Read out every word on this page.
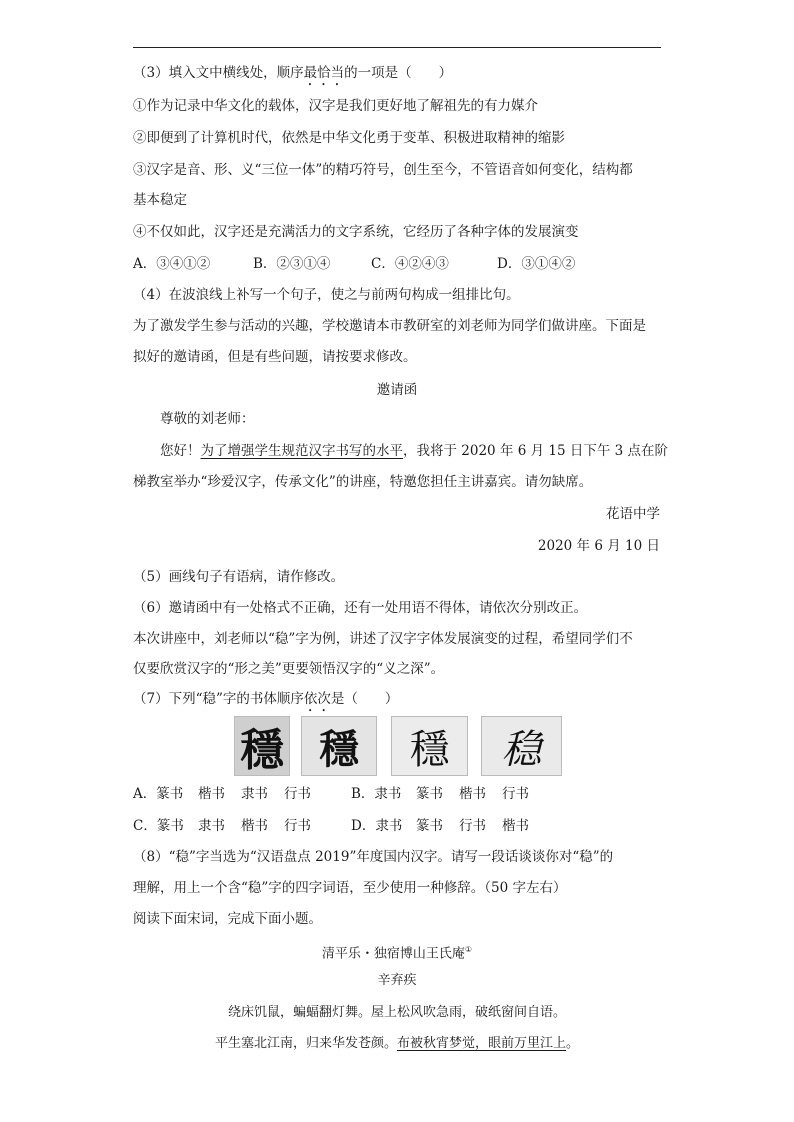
（3）填入文中横线处，顺序最恰当的一项是（　　）
①作为记录中华文化的载体，汉字是我们更好地了解祖先的有力媒介
②即便到了计算机时代，依然是中华文化勇于变革、积极进取精神的缩影
③汉字是音、形、义“三位一体”的精巧符号，创生至今，不管语音如何变化，结构都
基本稳定
④不仅如此，汉字还是充满活力的文字系统，它经历了各种字体的发展演变
A．③④①②	B．②③①④	C．④②④③	D．③①④②
（4）在波浪线上补写一个句子，使之与前两句构成一组排比句。
为了激发学生参与活动的兴趣，学校邀请本市教研室的刘老师为同学们做讲座。下面是
拟好的邀请函，但是有些问题，请按要求修改。
邀请函
尊敬的刘老师：
您好！为了增强学生规范汉字书写的水平，我将于 2020 年 6 月 15 日下午 3 点在阶
梯教室举办“珍爱汉字，传承文化”的讲座，特邀您担任主讲嘉宾。请勿缺席。
花语中学
2020 年 6 月 10 日
（5）画线句子有语病，请作修改。
（6）邀请函中有一处格式不正确，还有一处用语不得体，请依次分别改正。
本次讲座中，刘老师以“稳”字为例，讲述了汉字字体发展演变的过程，希望同学们不
仅要欣赏汉字的“形之美”更要领悟汉字的“义之深”。
（7）下列“稳”字的书体顺序依次是（　　）
穩 穩	穩	稳
A．篆书 楷书 隶书 行书	B．隶书 篆书 楷书 行书
C．篆书 隶书 楷书 行书	D．隶书 篆书 行书 楷书
（8）“稳”字当选为“汉语盘点 2019”年度国内汉字。请写一段话谈谈你对“稳”的
理解，用上一个含“稳”字的四字词语，至少使用一种修辞。（50 字左右）
阅读下面宋词，完成下面小题。
清平乐・独宿博山王氏庵①
辛弃疾
绕床饥鼠，蝙蝠翻灯舞。屋上松风吹急雨，破纸窗间自语。
平生塞北江南，归来华发苍颜。布被秋宵梦觉，眼前万里江上。
